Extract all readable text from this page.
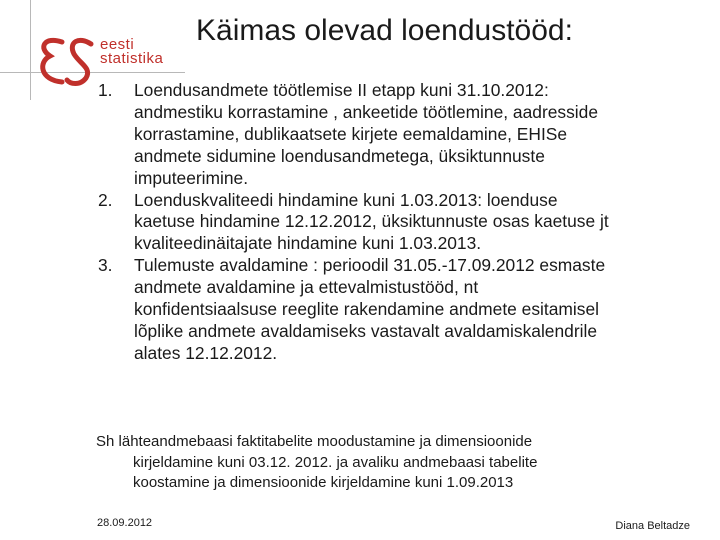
eesti
statistika
Käimas olevad loendustööd:
1. Loendusandmete töötlemise II etapp kuni 31.10.2012:
andmestiku korrastamine , ankeetide töötlemine, aadresside
korrastamine, dublikaatsete kirjete eemaldamine, EHISe
andmete sidumine loendusandmetega, üksiktunnuste
imputeerimine.
2. Loenduskvaliteedi hindamine kuni 1.03.2013: loenduse
kaetuse hindamine 12.12.2012, üksiktunnuste osas kaetuse jt
kvaliteedinäitajate hindamine kuni 1.03.2013.
3. Tulemuste avaldamine : perioodil 31.05.-17.09.2012 esmaste
andmete avaldamine ja ettevalmistustööd, nt
konfidentsiaalsuse reeglite rakendamine andmete esitamisel
lõplike andmete avaldamiseks vastavalt avaldamiskalendrile
alates 12.12.2012.
Sh lähteandmebaasi faktitabelite moodustamine ja dimensioonide
kirjeldamine kuni 03.12. 2012. ja avaliku andmebaasi tabelite
koostamine ja dimensioonide kirjeldamine kuni 1.09.2013
28.09.2012	Diana Beltadze
